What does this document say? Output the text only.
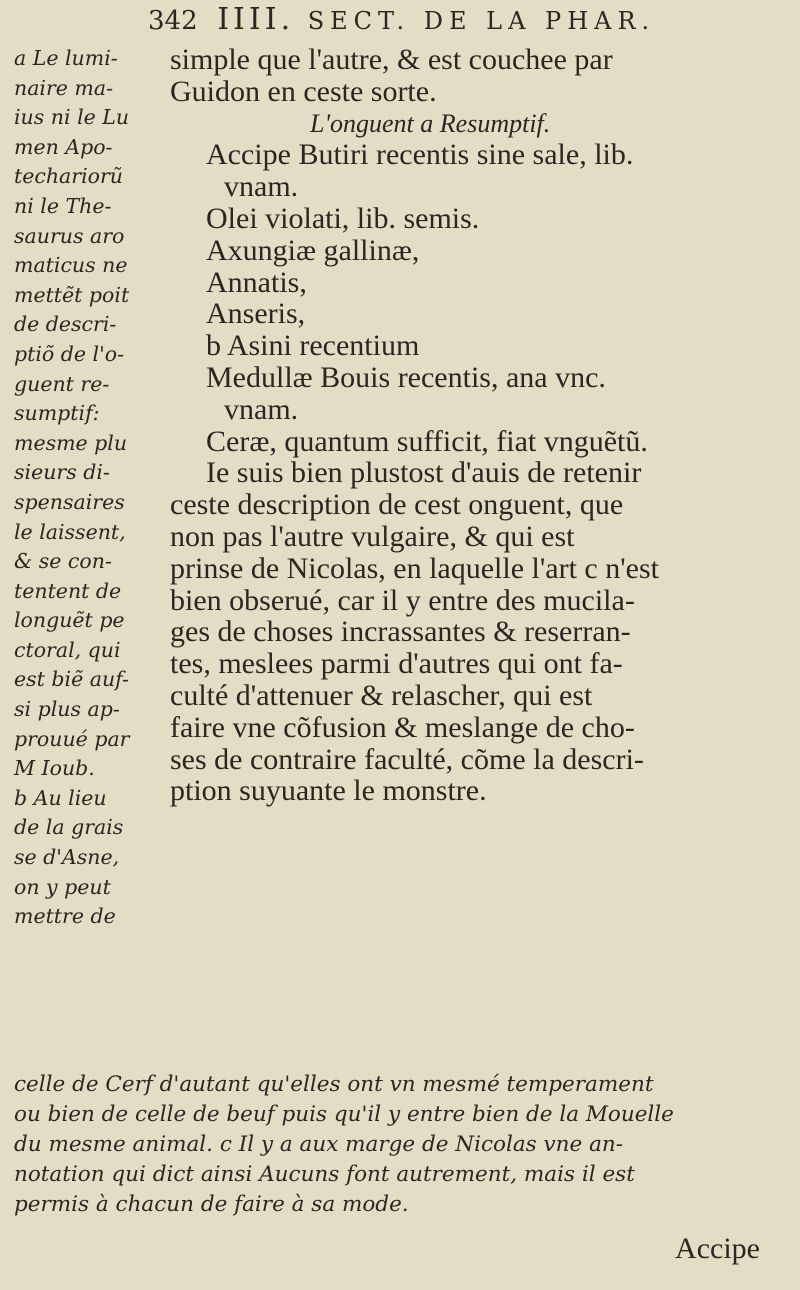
342 IIII. SECT. DE LA PHAR.
a Le lumi-
naire ma-
ius ni le Lu
men Apo-
techariorũ
ni le The-
saurus aro
maticus ne
mettẽt poit
de descri-
ptiõ de l'o-
guent re-
sumptif:
mesme plu
sieurs di-
spensaires
le laissent,
& se con-
tentent de
longuẽt pe
ctoral, qui
est biẽ auf-
si plus ap-
prouué par
M Ioub.
b Au lieu
de la grais
se d'Asne,
on y peut
mettre de
simple que l'autre, & est couchee par
Guidon en ceste sorte.
L'onguent a Resumptif.
Accipe Butiri recentis sine sale, lib.
vnam.
Olei violati, lib. semis.
Axungiæ gallinæ,
Annatis,
Anseris,
b Asini recentium
Medullæ Bouis recentis, ana vnc.
vnam.
Ceræ, quantum sufficit, fiat vnguẽtũ.
Ie suis bien plustost d'auis de retenir
ceste description de cest onguent, que
non pas l'autre vulgaire, & qui est
prinse de Nicolas, en laquelle l'art c n'est
bien obserué, car il y entre des mucila-
ges de choses incrassantes & reserran-
tes, meslees parmi d'autres qui ont fa-
culté d'attenuer & relascher, qui est
faire vne cõfusion & meslange de cho-
ses de contraire faculté, cõme la descri-
ption suyuante le monstre.
celle de Cerf d'autant qu'elles ont vn mesmé temperament
ou bien de celle de beuf puis qu'il y entre bien de la Mouelle
du mesme animal. c Il y a aux marge de Nicolas vne an-
notation qui dict ainsi Aucuns font autrement, mais il est
permis à chacun de faire à sa mode.
Accipe
